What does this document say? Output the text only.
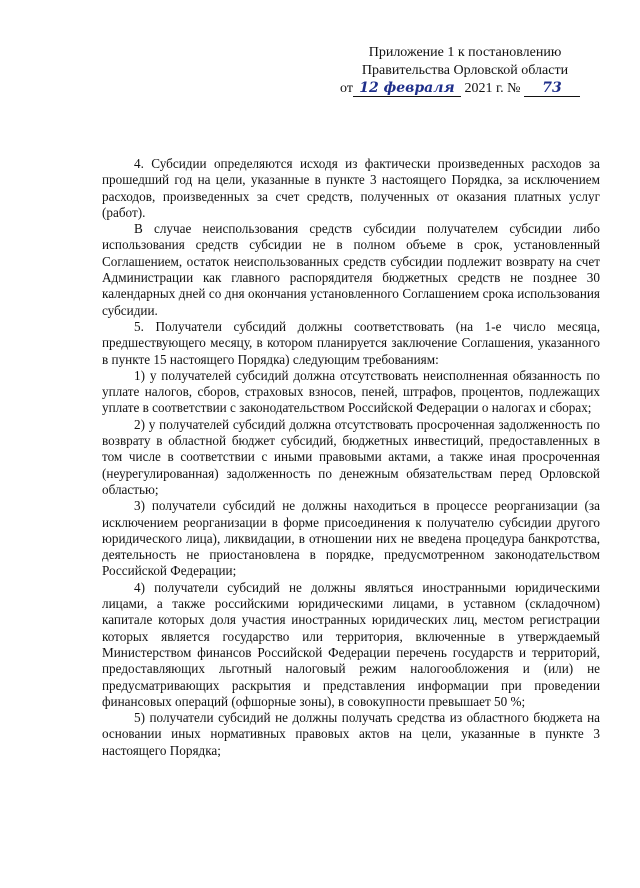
Приложение 1 к постановлению
Правительства Орловской области
от 12 февраля 2021 г. № 73

4. Субсидии определяются исходя из фактически произведенных расходов за прошедший год на цели, указанные в пункте 3 настоящего Порядка, за исключением расходов, произведенных за счет средств, полученных от оказания платных услуг (работ).

В случае неиспользования средств субсидии получателем субсидии либо использования средств субсидии не в полном объеме в срок, установленный Соглашением, остаток неиспользованных средств субсидии подлежит возврату на счет Администрации как главного распорядителя бюджетных средств не позднее 30 календарных дней со дня окончания установленного Соглашением срока использования субсидии.

5. Получатели субсидий должны соответствовать (на 1-е число месяца, предшествующего месяцу, в котором планируется заключение Соглашения, указанного в пункте 15 настоящего Порядка) следующим требованиям:

1) у получателей субсидий должна отсутствовать неисполненная обязанность по уплате налогов, сборов, страховых взносов, пеней, штрафов, процентов, подлежащих уплате в соответствии с законодательством Российской Федерации о налогах и сборах;

2) у получателей субсидий должна отсутствовать просроченная задолженность по возврату в областной бюджет субсидий, бюджетных инвестиций, предоставленных в том числе в соответствии с иными правовыми актами, а также иная просроченная (неурегулированная) задолженность по денежным обязательствам перед Орловской областью;

3) получатели субсидий не должны находиться в процессе реорганизации (за исключением реорганизации в форме присоединения к получателю субсидии другого юридического лица), ликвидации, в отношении них не введена процедура банкротства, деятельность не приостановлена в порядке, предусмотренном законодательством Российской Федерации;

4) получатели субсидий не должны являться иностранными юридическими лицами, а также российскими юридическими лицами, в уставном (складочном) капитале которых доля участия иностранных юридических лиц, местом регистрации которых является государство или территория, включенные в утверждаемый Министерством финансов Российской Федерации перечень государств и территорий, предоставляющих льготный налоговый режим налогообложения и (или) не предусматривающих раскрытия и представления информации при проведении финансовых операций (офшорные зоны), в совокупности превышает 50 %;

5) получатели субсидий не должны получать средства из областного бюджета на основании иных нормативных правовых актов на цели, указанные в пункте 3 настоящего Порядка;
